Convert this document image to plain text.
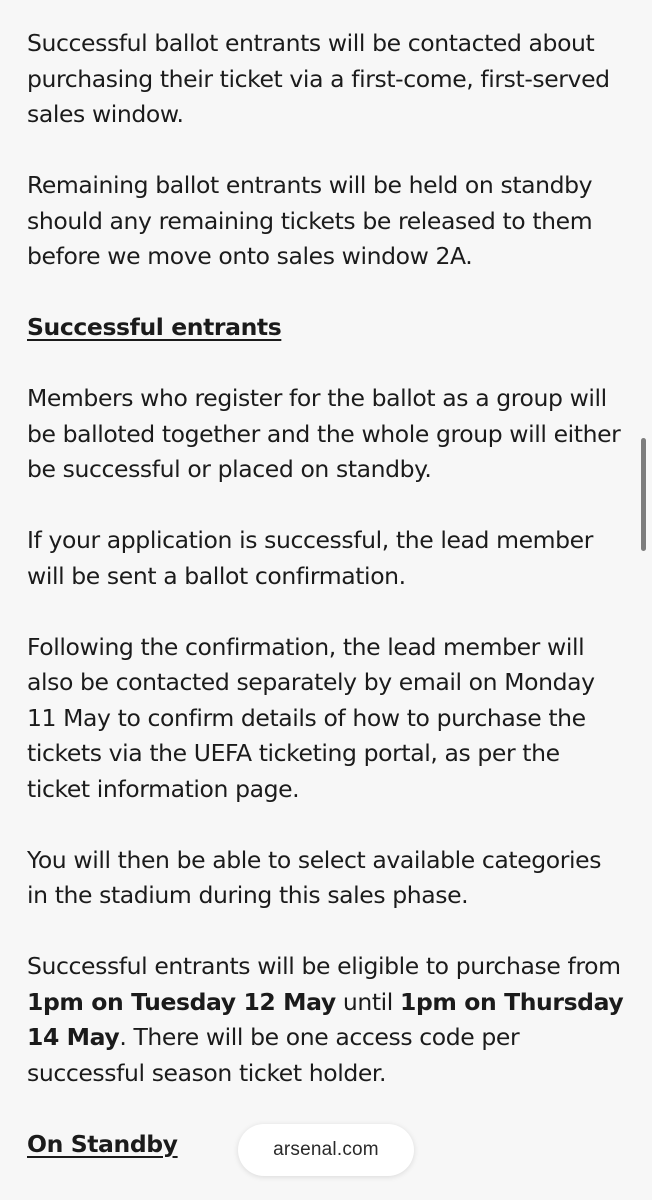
Successful ballot entrants will be contacted about purchasing their ticket via a first-come, first-served sales window.

Remaining ballot entrants will be held on standby should any remaining tickets be released to them before we move onto sales window 2A.

Successful entrants

Members who register for the ballot as a group will be balloted together and the whole group will either be successful or placed on standby.

If your application is successful, the lead member will be sent a ballot confirmation.

Following the confirmation, the lead member will also be contacted separately by email on Monday 11 May to confirm details of how to purchase the tickets via the UEFA ticketing portal, as per the ticket information page.

You will then be able to select available categories in the stadium during this sales phase.

Successful entrants will be eligible to purchase from 1pm on Tuesday 12 May until 1pm on Thursday 14 May. There will be one access code per successful season ticket holder.

On Standby	arsenal.com
